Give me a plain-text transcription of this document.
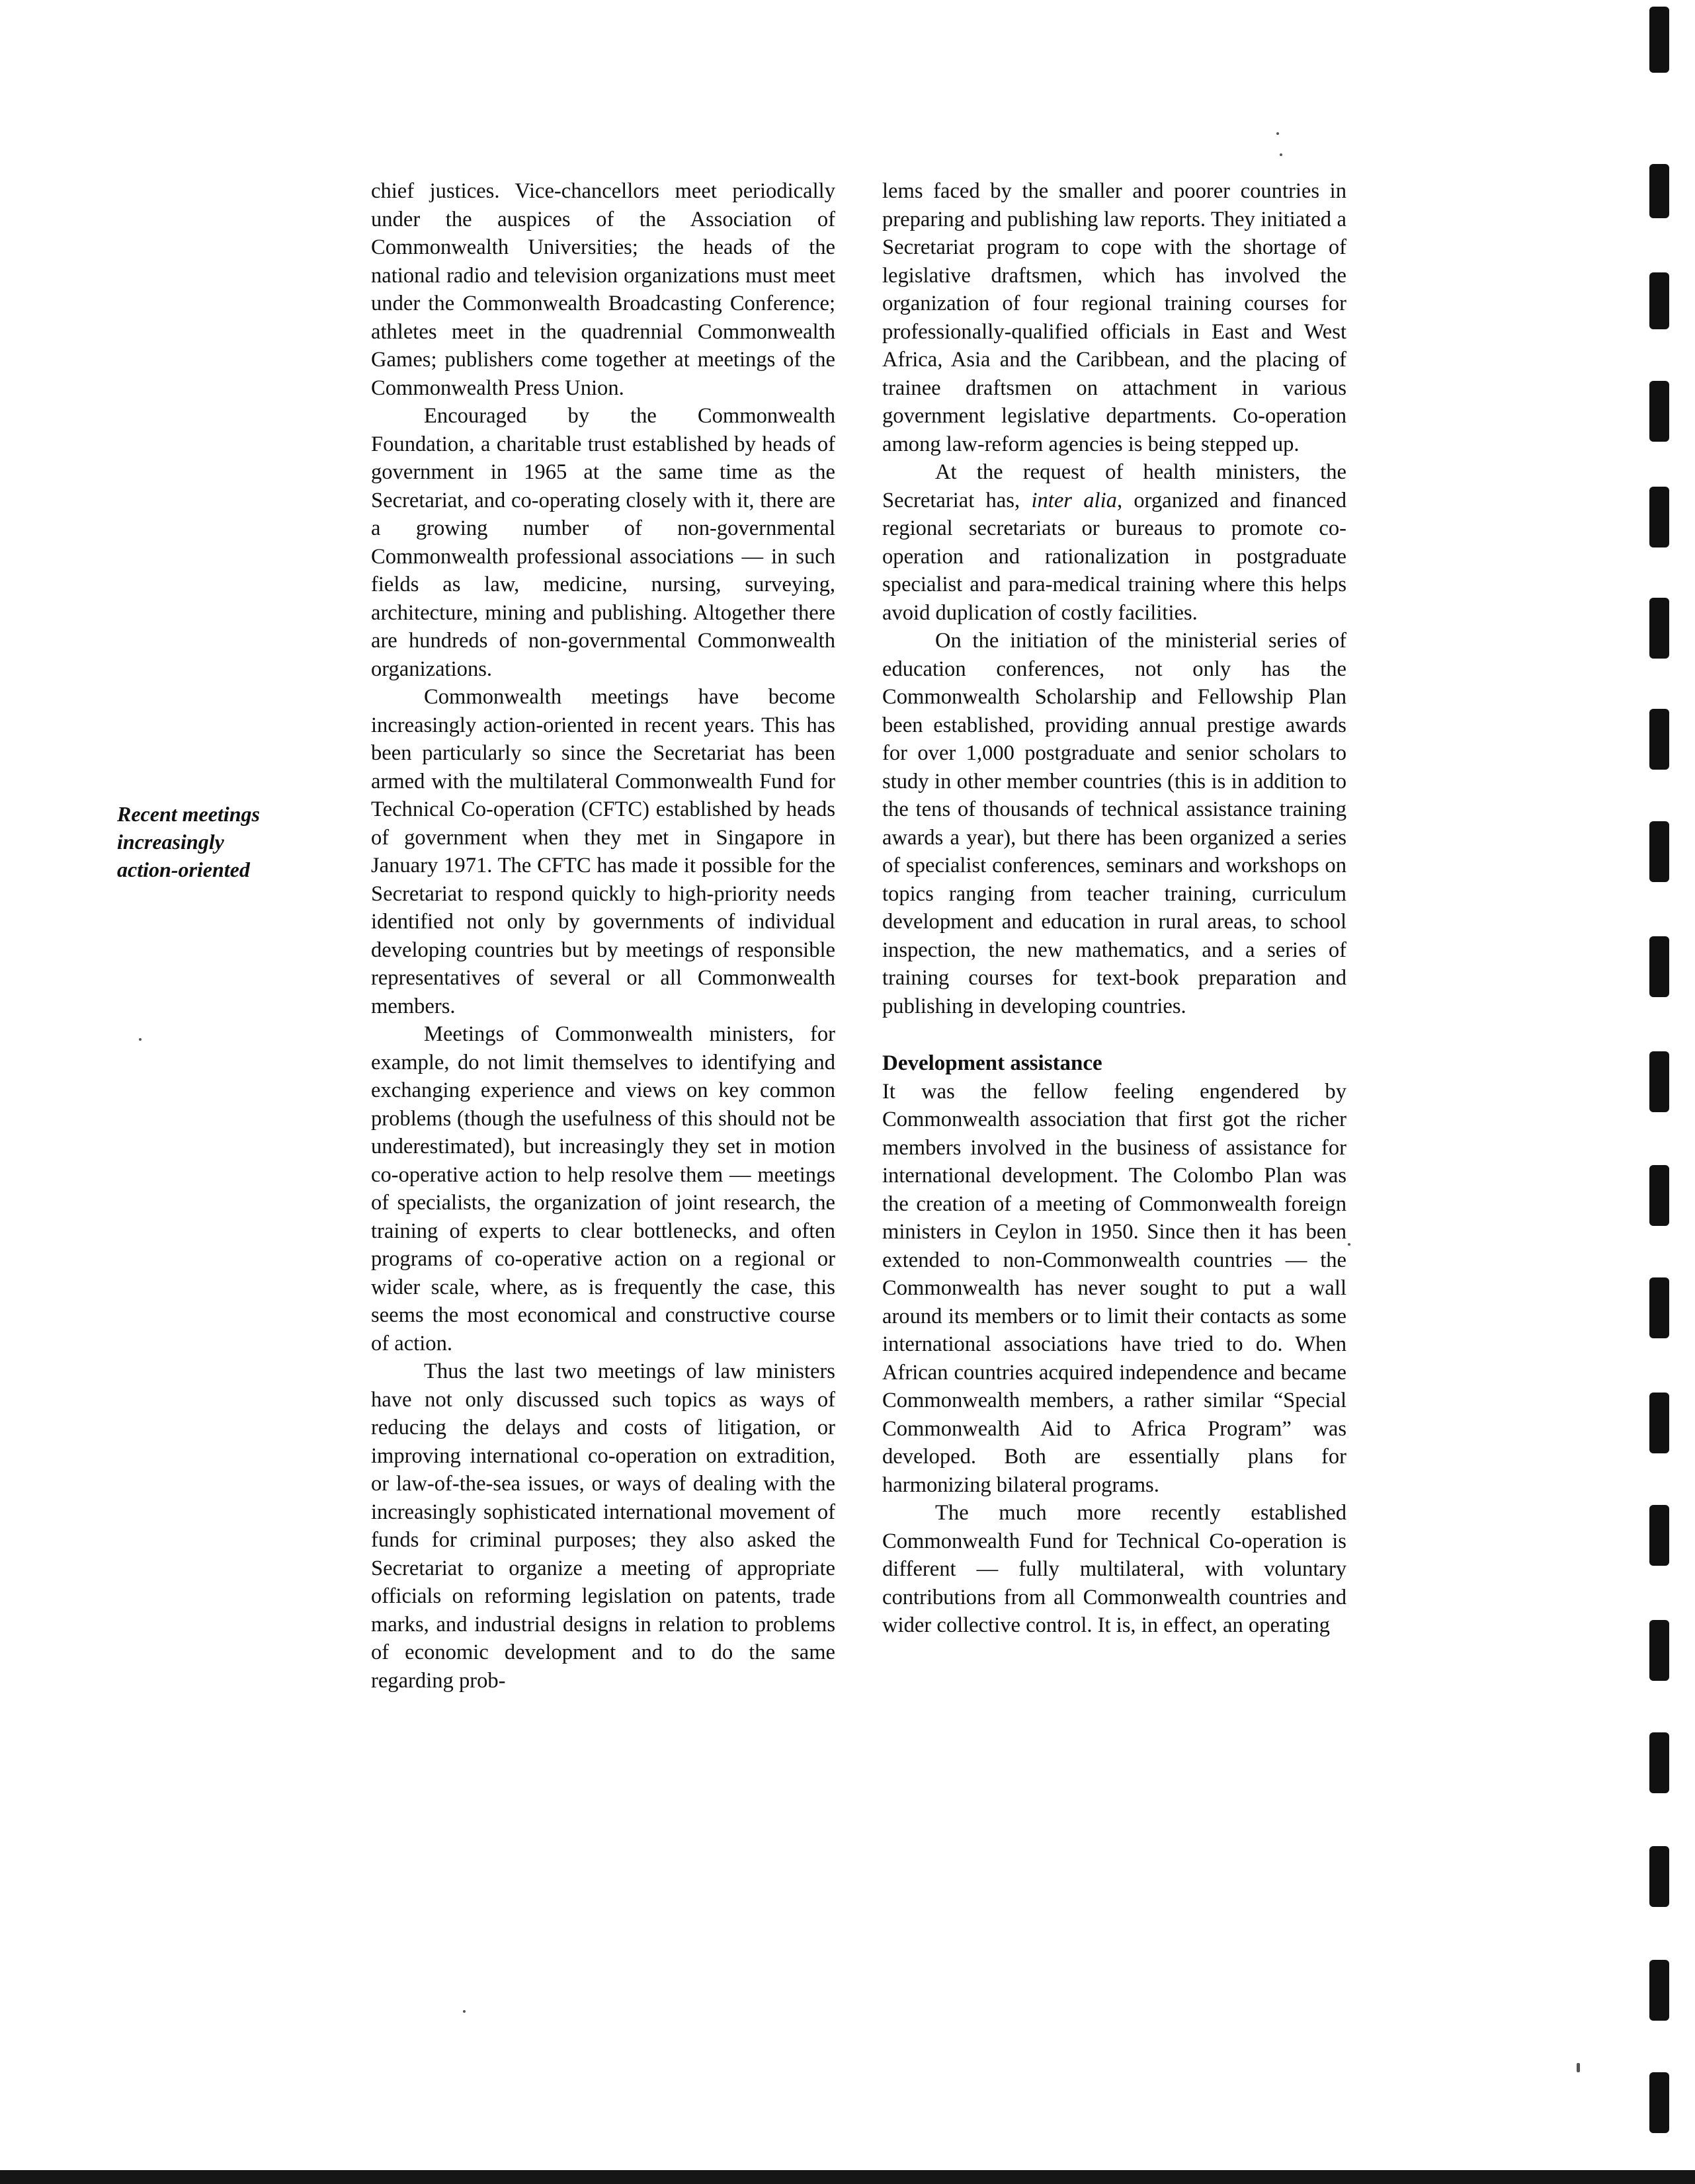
Recent meetings
increasingly
action-oriented

chief justices. Vice-chancellors meet periodically under the auspices of the Association of Commonwealth Universities; the heads of the national radio and television organizations must meet under the Commonwealth Broadcasting Conference; athletes meet in the quadrennial Commonwealth Games; publishers come together at meetings of the Commonwealth Press Union.

Encouraged by the Commonwealth Foundation, a charitable trust established by heads of government in 1965 at the same time as the Secretariat, and co-operating closely with it, there are a growing number of non-governmental Commonwealth professional associations — in such fields as law, medicine, nursing, surveying, architecture, mining and publishing. Altogether there are hundreds of non-governmental Commonwealth organizations.

Commonwealth meetings have become increasingly action-oriented in recent years. This has been particularly so since the Secretariat has been armed with the multilateral Commonwealth Fund for Technical Co-operation (CFTC) established by heads of government when they met in Singapore in January 1971. The CFTC has made it possible for the Secretariat to respond quickly to high-priority needs identified not only by governments of individual developing countries but by meetings of responsible representatives of several or all Commonwealth members.

Meetings of Commonwealth ministers, for example, do not limit themselves to identifying and exchanging experience and views on key common problems (though the usefulness of this should not be underestimated), but increasingly they set in motion co-operative action to help resolve them — meetings of specialists, the organization of joint research, the training of experts to clear bottlenecks, and often programs of co-operative action on a regional or wider scale, where, as is frequently the case, this seems the most economical and constructive course of action.

Thus the last two meetings of law ministers have not only discussed such topics as ways of reducing the delays and costs of litigation, or improving international co-operation on extradition, or law-of-the-sea issues, or ways of dealing with the increasingly sophisticated international movement of funds for criminal purposes; they also asked the Secretariat to organize a meeting of appropriate officials on reforming legislation on patents, trade marks, and industrial designs in relation to problems of economic development and to do the same regarding prob-

lems faced by the smaller and poorer countries in preparing and publishing law reports. They initiated a Secretariat program to cope with the shortage of legislative draftsmen, which has involved the organization of four regional training courses for professionally-qualified officials in East and West Africa, Asia and the Caribbean, and the placing of trainee draftsmen on attachment in various government legislative departments. Co-operation among law-reform agencies is being stepped up.

At the request of health ministers, the Secretariat has, inter alia, organized and financed regional secretariats or bureaus to promote co-operation and rationalization in postgraduate specialist and para-medical training where this helps avoid duplication of costly facilities.

On the initiation of the ministerial series of education conferences, not only has the Commonwealth Scholarship and Fellowship Plan been established, providing annual prestige awards for over 1,000 postgraduate and senior scholars to study in other member countries (this is in addition to the tens of thousands of technical assistance training awards a year), but there has been organized a series of specialist conferences, seminars and workshops on topics ranging from teacher training, curriculum development and education in rural areas, to school inspection, the new mathematics, and a series of training courses for text-book preparation and publishing in developing countries.

Development assistance

It was the fellow feeling engendered by Commonwealth association that first got the richer members involved in the business of assistance for international development. The Colombo Plan was the creation of a meeting of Commonwealth foreign ministers in Ceylon in 1950. Since then it has been extended to non-Commonwealth countries — the Commonwealth has never sought to put a wall around its members or to limit their contacts as some international associations have tried to do. When African countries acquired independence and became Commonwealth members, a rather similar “Special Commonwealth Aid to Africa Program” was developed. Both are essentially plans for harmonizing bilateral programs.

The much more recently established Commonwealth Fund for Technical Co-operation is different — fully multilateral, with voluntary contributions from all Commonwealth countries and wider collective control. It is, in effect, an operating
